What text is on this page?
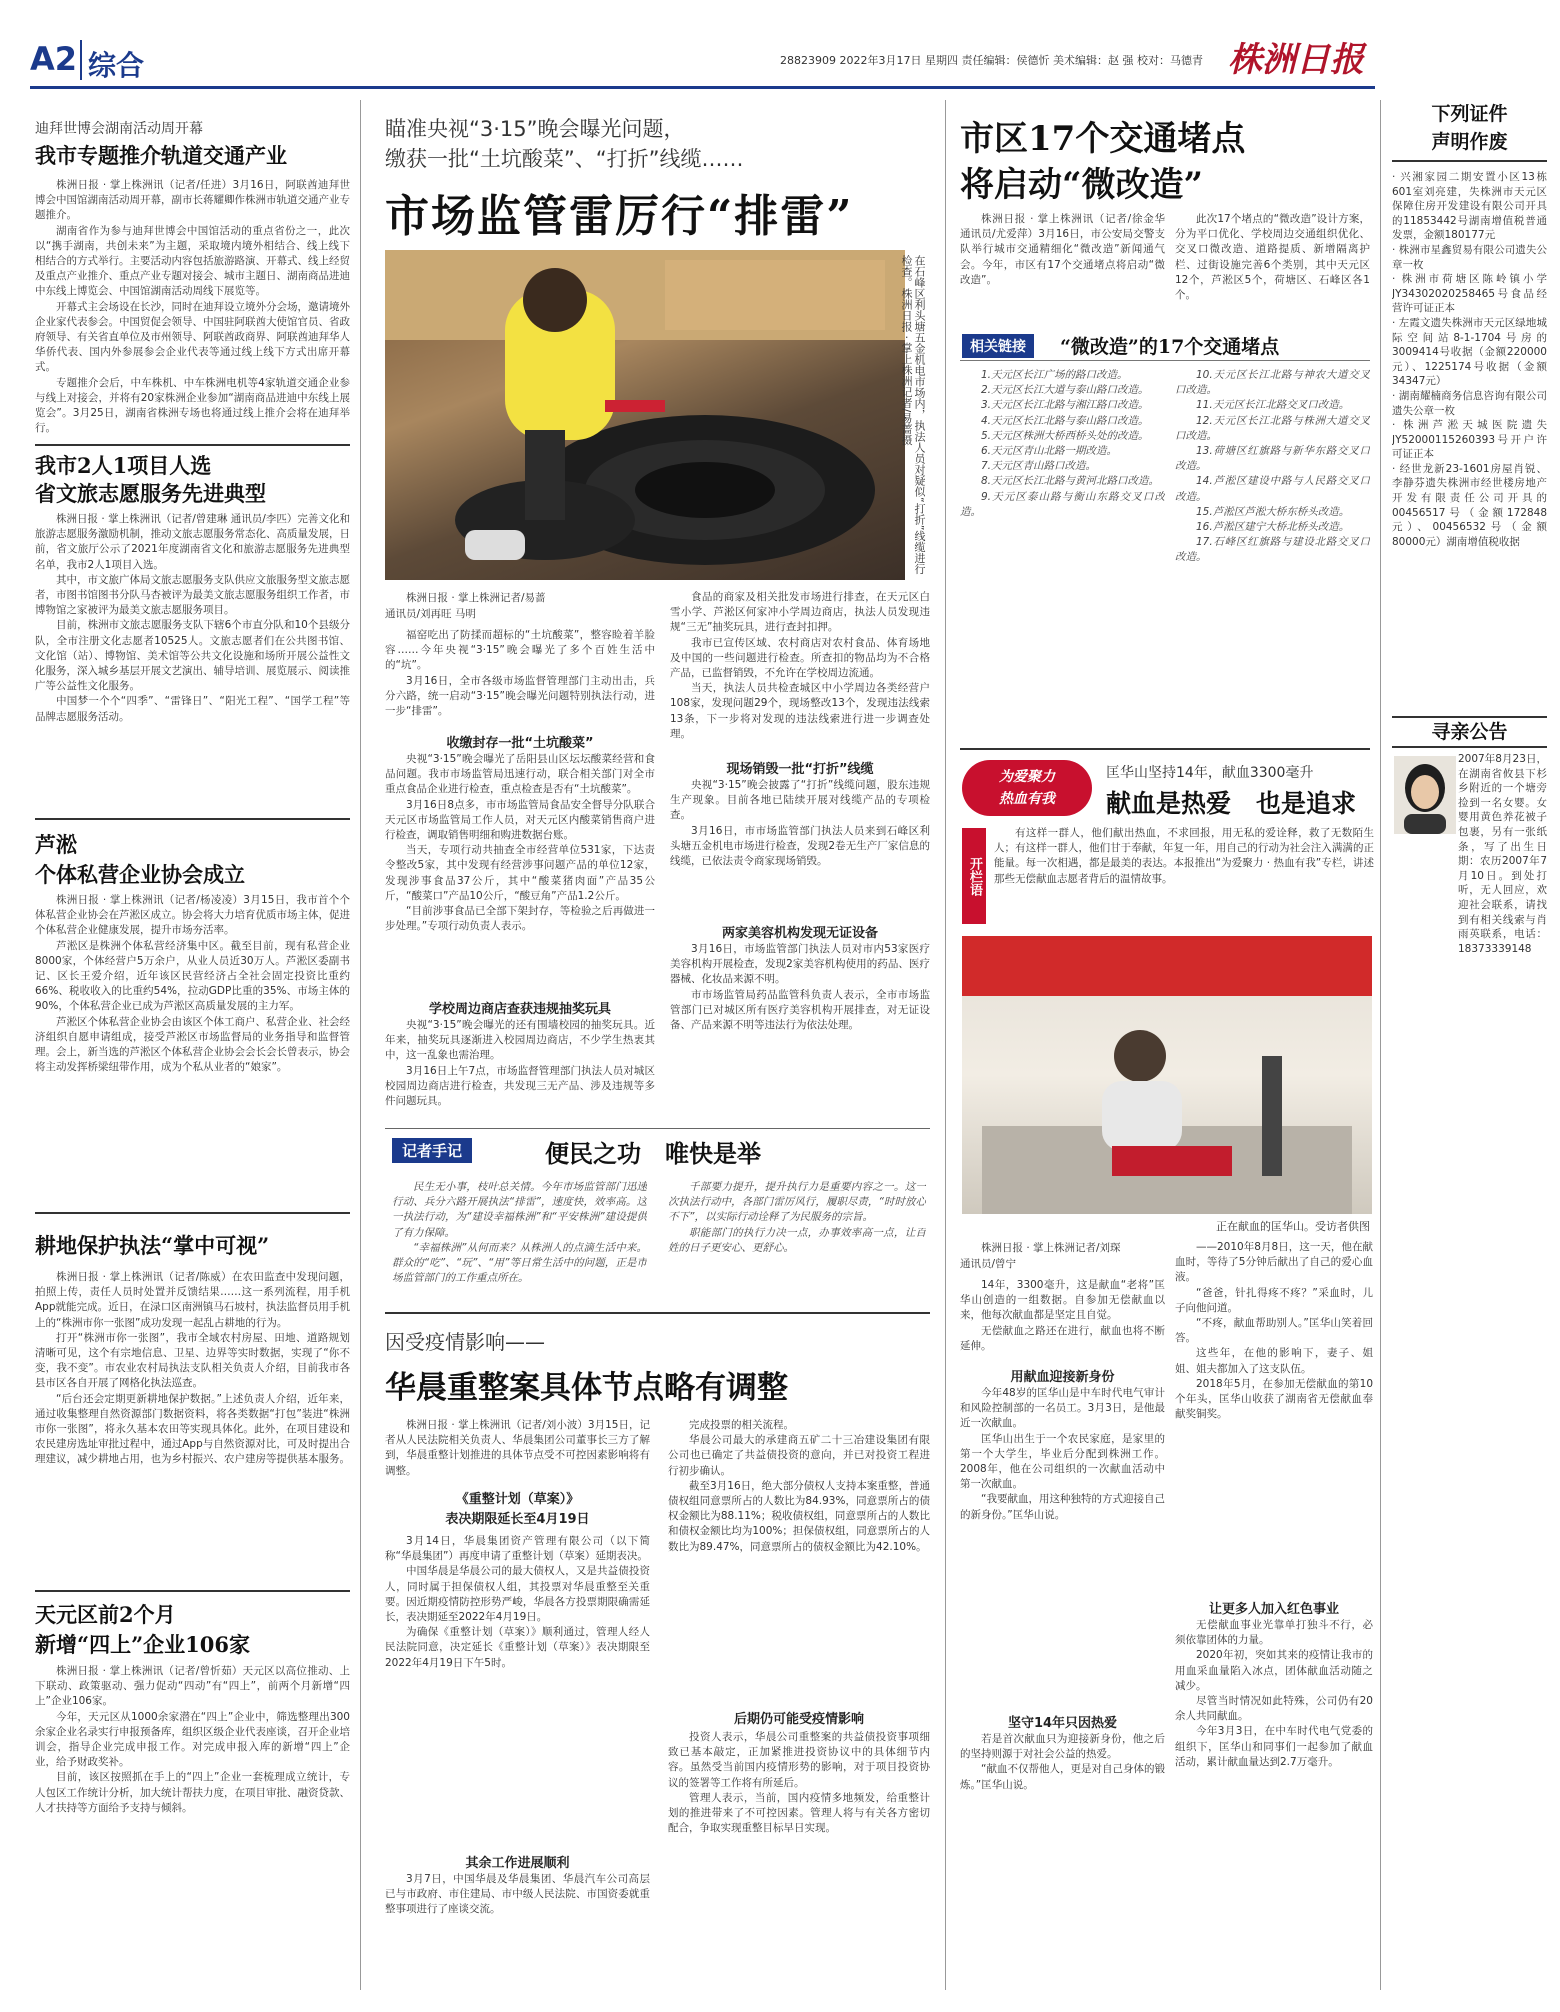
A2 综合	28823909 2022年3月17日 星期四 责任编辑：侯德忻 美术编辑：赵 强 校对：马德青 株洲日报
迪拜世博会湖南活动周开幕
我市专题推介轨道交通产业

株洲日报 · 掌上株洲讯（记者/任进）3月16日，阿联酋迪拜世博会中国馆湖南活动周开幕，副市长蒋耀卿作株洲市轨道交通产业专题推介。

湖南省作为参与迪拜世博会中国馆活动的重点省份之一，此次以“携手湖南，共创未来”为主题，采取境内境外相结合、线上线下相结合的方式举行。主要活动内容包括旅游路演、开幕式、线上经贸及重点产业推介、重点产业专题对接会、城市主题日、湖南商品进迪中东线上博览会、中国馆湖南活动周线下展览等。

开幕式主会场设在长沙，同时在迪拜设立境外分会场，邀请境外企业家代表参会。中国贸促会领导、中国驻阿联酋大使馆官员、省政府领导、有关省直单位及市州领导、阿联酋政商界、阿联酋迪拜华人华侨代表、国内外参展参会企业代表等通过线上线下方式出席开幕式。

专题推介会后，中车株机、中车株洲电机等4家轨道交通企业参与线上对接会，并将有20家株洲企业参加“湖南商品进迪中东线上展览会”。3月25日，湖南省株洲专场也将通过线上推介会将在迪拜举行。

我市2人1项目人选
省文旅志愿服务先进典型

株洲日报 · 掌上株洲讯（记者/曾建琳 通讯员/李匹）完善文化和旅游志愿服务激励机制，推动文旅志愿服务常态化、高质量发展，日前，省文旅厅公示了2021年度湖南省文化和旅游志愿服务先进典型名单，我市2人1项目入选。

其中，市文旅广体局文旅志愿服务支队供应文旅服务型文旅志愿者，市图书馆图书分队马杏被评为最美文旅志愿服务组织工作者，市博物馆之家被评为最美文旅志愿服务项目。

目前，株洲市文旅志愿服务支队下辖6个市直分队和10个县级分队，全市注册文化志愿者10525人。文旅志愿者们在公共图书馆、文化馆（站）、博物馆、美术馆等公共文化设施和场所开展公益性文化服务，深入城乡基层开展文艺演出、辅导培训、展览展示、阅读推广等公益性文化服务。

中国梦一个个“四季”、“雷锋日”、“阳光工程”、“国学工程”等品牌志愿服务活动。

芦淞
个体私营企业协会成立

株洲日报 · 掌上株洲讯（记者/杨凌凌）3月15日，我市首个个体私营企业协会在芦淞区成立。协会将大力培育优质市场主体，促进个体私营企业健康发展，提升市场夯活率。

芦淞区是株洲个体私营经济集中区。截至目前，现有私营企业8000家，个体经营户5万余户，从业人员近30万人。芦淞区委副书记、区长王爱介绍，近年该区民营经济占全社会固定投资比重约66%、税收收入的比重约54%，拉动GDP比重的35%、市场主体的90%，个体私营企业已成为芦淞区高质量发展的主力军。

芦淞区个体私营企业协会由该区个体工商户、私营企业、社会经济组织自愿申请组成，接受芦淞区市场监督局的业务指导和监督管理。会上，新当选的芦淞区个体私营企业协会会长会长曾表示，协会将主动发挥桥梁纽带作用，成为个私从业者的“娘家”。

耕地保护执法“掌中可视”

株洲日报 · 掌上株洲讯（记者/陈威）在农田监查中发现问题，拍照上传，责任人员时处置并反馈结果……这一系列流程，用手机App就能完成。近日，在渌口区南洲镇马石坡村，执法监督员用手机上的“株洲市你一张图”成功发现一起乱占耕地的行为。

打开“株洲市你一张图”，我市全域农村房屋、田地、道路规划清晰可见，这个有宗地信息、卫星、边界等实时数据，实现了“你不变，我不变”。市农业农村局执法支队相关负责人介绍，目前我市各县市区各自开展了网格化执法巡查。

“后台还会定期更新耕地保护数据。”上述负责人介绍，近年来，通过收集整理自然资源部门数据资料，将各类数据“打包”装进“株洲市你一张图”，将永久基本农田等实现具体化。此外，在项目建设和农民建房选址审批过程中，通过App与自然资源对比，可及时提出合理建议，减少耕地占用，也为乡村振兴、农户建房等提供基本服务。

天元区前2个月
新增“四上”企业106家

株洲日报 · 掌上株洲讯（记者/曾忻茹）天元区以高位推动、上下联动、政策驱动、强力促动“四动”有“四上”，前两个月新增“四上”企业106家。

今年，天元区从1000余家潜在“四上”企业中，筛选整理出300余家企业名录实行申报预备库，组织区级企业代表座谈，召开企业培训会，指导企业完成申报工作。对完成申报入库的新增“四上”企业，给予财政奖补。

目前，该区按照抓在手上的“四上”企业一套梳理成立统计，专人包区工作统计分析，加大统计帮扶力度，在项目审批、融资贷款、人才扶持等方面给予支持与倾斜。

瞄准央视“3·15”晚会曝光问题，
缴获一批“土坑酸菜”、“打折”线缆……
市场监管雷厉行“排雷”
在石峰区利头塘五金机电市场内，执法人员对疑似“打折”线缆进行检查。株洲日报 · 掌上株洲记者/易蔷摄
株洲日报 · 掌上株洲记者/易蔷
通讯员/刘再旺 马明

福窑吃出了防揉而超标的“土坑酸菜”，整容睑着羊脸容……今年央视“3·15”晚会曝光了多个百姓生活中的“坑”。

3月16日，全市各级市场监督管理部门主动出击，兵分六路，统一启动“3·15”晚会曝光问题特别执法行动，进一步“排雷”。

收缴封存一批“土坑酸菜”

央视“3·15”晚会曝光了岳阳县山区坛坛酸菜经营和食品问题。我市市场监管局迅速行动，联合相关部门对全市重点食品企业进行检查，重点检查是否有“土坑酸菜”。

3月16日8点多，市市场监管局食品安全督导分队联合天元区市场监管局工作人员，对天元区内酸菜销售商户进行检查，调取销售明细和购进数据台账。

当天，专项行动共抽查全市经营单位531家，下达责令整改5家，其中发现有经营涉事问题产品的单位12家，发现涉事食品37公斤，其中“酸菜猪肉面”产品35公斤，“酸菜口”产品10公斤，“酸豆角”产品1.2公斤。

“目前涉事食品已全部下架封存，等检验之后再做进一步处理。”专项行动负责人表示。

学校周边商店查获违规抽奖玩具

央视“3·15”晚会曝光的还有围墙校园的抽奖玩具。近年来，抽奖玩具逐渐进入校园周边商店，不少学生热衷其中，这一乱象也需治理。

3月16日上午7点，市场监督管理部门执法人员对城区校园周边商店进行检查，共发现三无产品、涉及违规等多件问题玩具。

食品的商家及相关批发市场进行排查，在天元区白雪小学、芦淞区何家冲小学周边商店，执法人员发现违规“三无”抽奖玩具，进行查封扣押。

我市已宣传区域、农村商店对农村食品、体育场地及中国的一些问题进行检查。所查扣的物品均为不合格产品，已监督销毁，不允许在学校周边流通。

当天，执法人员共检查城区中小学周边各类经营户108家，发现问题29个，现场整改13个，发现违法线索13条，下一步将对发现的违法线索进行进一步调查处理。

现场销毁一批“打折”线缆

央视“3·15”晚会披露了“打折”线缆问题，股东违规生产现象。目前各地已陆续开展对线缆产品的专项检查。

3月16日，市市场监管部门执法人员来到石峰区利头塘五金机电市场进行检查，发现2卷无生产厂家信息的线缆，已依法责令商家现场销毁。

两家美容机构发现无证设备

3月16日，市场监管部门执法人员对市内53家医疗美容机构开展检查，发现2家美容机构使用的药品、医疗器械、化妆品来源不明。

市市场监管局药品监管科负责人表示，全市市场监管部门已对城区所有医疗美容机构开展排查，对无证设备、产品来源不明等违法行为依法处理。

记者手记	便民之功　唯快是举

民生无小事，枝叶总关情。今年市场监管部门迅速行动、兵分六路开展执法“排雷”，速度快，效率高。这一执法行动，为“建设幸福株洲”和“平安株洲”建设提供了有力保障。

“幸福株洲”从何而来？从株洲人的点滴生活中来。群众的“吃”、“玩”、“用”等日常生活中的问题，正是市场监管部门的工作重点所在。

千部要力提升，提升执行力是重要内容之一。这一次执法行动中，各部门雷厉风行，履职尽责，“时时放心不下”，以实际行动诠释了为民服务的宗旨。

职能部门的执行力决一点，办事效率高一点，让百姓的日子更安心、更舒心。

因受疫情影响——
华晨重整案具体节点略有调整

株洲日报 · 掌上株洲讯（记者/刘小波）3月15日，记者从人民法院相关负责人、华晨集团公司董事长三方了解到，华晨重整计划推进的具体节点受不可控因素影响将有调整。

《重整计划（草案）》
表决期限延长至4月19日

3月14日，华晨集团资产管理有限公司（以下简称“华晨集团”）再度申请了重整计划（草案）延期表决。

中国华晨是华晨公司的最大债权人，又是共益债投资人，同时属于担保债权人组，其投票对华晨重整至关重要。因近期疫情防控形势严峻，华晨各方投票期限确需延长，表决期延至2022年4月19日。

为确保《重整计划（草案）》顺利通过，管理人经人民法院同意，决定延长《重整计划（草案）》表决期限至2022年4月19日下午5时。

其余工作进展顺利

3月7日，中国华晨及华晨集团、华晨汽车公司高层已与市政府、市住建局、市中级人民法院、市国资委就重整事项进行了座谈交流。

完成投票的相关流程。

华晨公司最大的承建商五矿二十三冶建设集团有限公司也已确定了共益债投资的意向，并已对投资工程进行初步确认。

截至3月16日，绝大部分债权人支持本案重整，普通债权组同意票所占的人数比为84.93%，同意票所占的债权金额比为88.11%；税收债权组，同意票所占的人数比和债权金额比均为100%；担保债权组，同意票所占的人数比为89.47%，同意票所占的债权金额比为42.10%。

后期仍可能受疫情影响

投资人表示，华晨公司重整案的共益债投资事项细致已基本敲定，正加紧推进投资协议中的具体细节内容。虽然受当前国内疫情形势的影响，对于项目投资协议的签署等工作将有所延后。

管理人表示，当前，国内疫情多地频发，给重整计划的推进带来了不可控因素。管理人将与有关各方密切配合，争取实现重整目标早日实现。

市区17个交通堵点
将启动“微改造”

株洲日报 · 掌上株洲讯（记者/徐金华 通讯员/尤爱萍）3月16日，市公安局交警支队举行城市交通精细化“微改造”新闻通气会。今年，市区有17个交通堵点将启动“微改造”。

此次17个堵点的“微改造”设计方案，分为平口优化、学校周边交通组织优化、交叉口微改造、道路提质、新增隔离护栏、过街设施完善6个类别，其中天元区12个，芦淞区5个，荷塘区、石峰区各1个。

相关链接	“微改造”的17个交通堵点

1.天元区长江广场的路口改造。

2.天元区长江大道与泰山路口改造。

3.天元区长江北路与湘江路口改造。

4.天元区长江北路与泰山路口改造。

5.天元区株洲大桥西桥头处的改造。

6.天元区青山北路一期改造。

7.天元区青山路口改造。

8.天元区长江北路与黄河北路口改造。

9.天元区泰山路与衡山东路交叉口改造。

10.天元区长江北路与神农大道交叉口改造。

11.天元区长江北路交叉口改造。

12.天元区长江北路与株洲大道交叉口改造。

13.荷塘区红旗路与新华东路交叉口改造。

14.芦淞区建设中路与人民路交叉口改造。

15.芦淞区芦淞大桥东桥头改造。

16.芦淞区建宁大桥北桥头改造。

17.石峰区红旗路与建设北路交叉口改造。

为爱聚力
热血有我
匡华山坚持14年，献血3300毫升
献血是热爱　也是追求
开栏语

有这样一群人，他们献出热血，不求回报，用无私的爱诠释，救了无数陌生人；有这样一群人，他们甘于奉献，年复一年，用自己的行动为社会注入满满的正能量。每一次相遇，都是最美的表达。本报推出“为爱聚力 · 热血有我”专栏，讲述那些无偿献血志愿者背后的温情故事。

正在献血的匡华山。受访者供图
株洲日报 · 掌上株洲记者/刘琛
通讯员/曾宁

14年，3300毫升，这是献血“老将”匡华山创造的一组数据。自参加无偿献血以来，他每次献血都是坚定且自觉。

无偿献血之路还在进行，献血也将不断延伸。

用献血迎接新身份

今年48岁的匡华山是中车时代电气审计和风险控制部的一名员工。3月3日，是他最近一次献血。

匡华山出生于一个农民家庭，是家里的第一个大学生，毕业后分配到株洲工作。2008年，他在公司组织的一次献血活动中第一次献血。

“我要献血，用这种独特的方式迎接自己的新身份。”匡华山说。

坚守14年只因热爱

若是首次献血只为迎接新身份，他之后的坚持则源于对社会公益的热爱。

“献血不仅帮他人，更是对自己身体的锻炼。”匡华山说。

——2010年8月8日，这一天，他在献血时，等待了5分钟后献出了自己的爱心血液。

“爸爸，针扎得疼不疼？”采血时，儿子向他问道。

“不疼，献血帮助别人。”匡华山笑着回答。

这些年，在他的影响下，妻子、姐姐、姐夫都加入了这支队伍。

2018年5月，在参加无偿献血的第10个年头，匡华山收获了湖南省无偿献血奉献奖铜奖。

让更多人加入红色事业

无偿献血事业光靠单打独斗不行，必须依靠团体的力量。

2020年初，突如其来的疫情让我市的用血采血量陷入冰点，团体献血活动随之减少。

尽管当时情况如此特殊，公司仍有20余人共同献血。

今年3月3日，在中车时代电气党委的组织下，匡华山和同事们一起参加了献血活动，累计献血量达到2.7万毫升。

下列证件
声明作废

· 兴湘家园二期安置小区13栋601室刘亮建，失株洲市天元区保障住房开发建设有限公司开具的11853442号湖南增值税普通发票，金额180177元

· 株洲市星鑫贸易有限公司遗失公章一枚

· 株洲市荷塘区陈岭镇小学JY34302020258465号食品经营许可证正本

· 左霞文遗失株洲市天元区绿地城际空间站8-1-1704号房的3009414号收据（金额220000元）、1225174号收据（金额34347元）

· 湖南耀楠商务信息咨询有限公司遗失公章一枚

· 株洲芦淞天城医院遗失JY52000115260393号开户许可证正本

· 经世龙新23-1601房屋肖锐、李静芬遗失株洲市经世楼房地产开发有限责任公司开具的00456517号（金额172848元）、00456532号（金额80000元）湖南增值税收据

寻亲公告

2007年8月23日，在湖南省攸县下杉乡附近的一个塘旁捡到一名女婴。女婴用黄色养花被子包裹，另有一张纸条，写了出生日期：农历2007年7月10日。到处打听，无人回应，欢迎社会联系，请找到有相关线索与肖雨英联系，电话：18373339148
